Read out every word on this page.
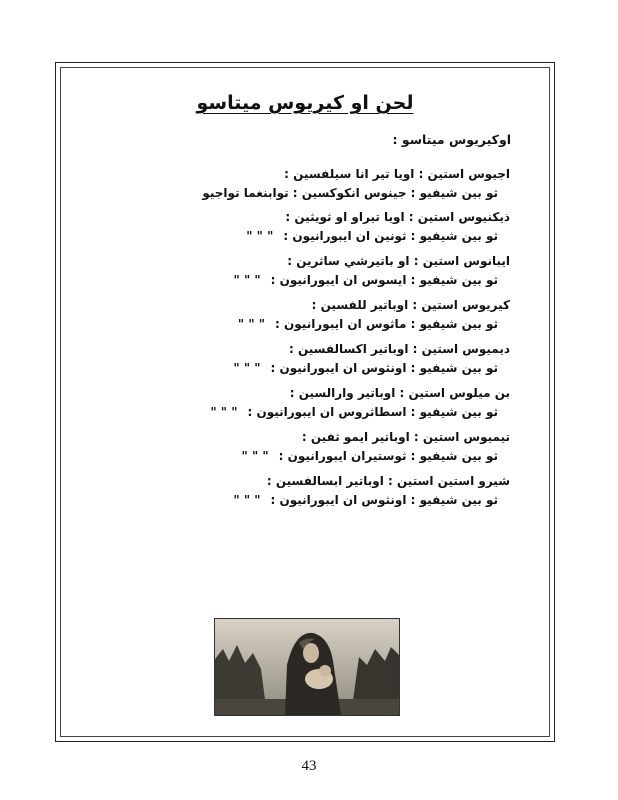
لحن او كيريوس ميتاسو
اوكيريوس ميتاسو :
اجيوس استين : اويا تير انا سيلفسين :
ثو بين شيفيو : جينوس انكوكسين : توابنغما تواجيو
ذيكنيوس استين : اويا تيراو او ثويثين :
ثو بين شيفيو : ثونين ان ايبورانيون :" " "
ايبانوس استين : او باتيرشي ساثرين :
ثو بين شيفيو : ايسوس ان ايبورانيون :" " "
كيريوس استين : اوباتير للفسين :
ثو بين شيفيو : ماثوس ان ايبورانيون :" " "
ديميوس استين : اوباتير اكسالفسين :
ثو بين شيفيو : اونثوس ان ايبورانيون :" " "
بن ميلوس استين : اوباتير وارالسين :
ثو بين شيفيو : اسطاثروس ان ايبورانيون :" " "
تيميوس استين : اوباتير ايمو ثفين :
ثو بين شيفيو : ثوستيران ايبورانيون :" " "
شيرو استين استين : اوباتير ابسالفسين :
ثو بين شيفيو : اونثوس ان ايبورانيون :" " "
43
